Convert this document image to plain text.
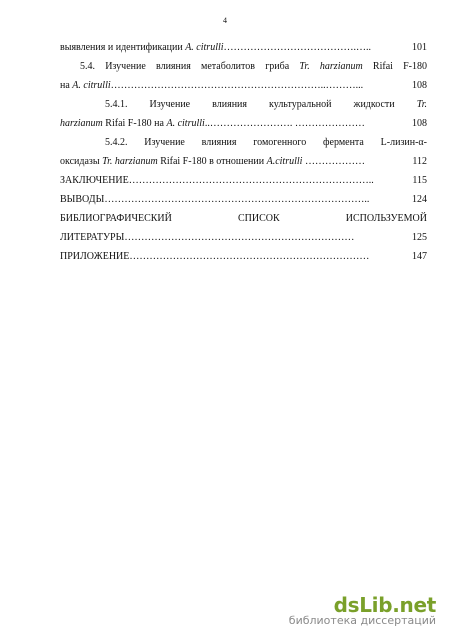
4
выявления и идентификации A. citrulli………………………………….…..	101
5.4. Изучение влияния метаболитов гриба Tr. harzianum Rifai F-180
на A. citrulli………………………………………………………..………...	108
5.4.1. Изучение влияния культуральной жидкости Tr.
harzianum Rifai F-180 на A. citrulli..……………………. …………………	108
5.4.2. Изучение влияния гомогенного фермента L-лизин-α-
оксидазы Tr. harzianum Rifai F-180 в отношении A.citrulli ………………	112
ЗАКЛЮЧЕНИЕ………………………………………………………………..	115
ВЫВОДЫ……………………………………………………………………..	124
БИБЛИОГРАФИЧЕСКИЙ СПИСОК ИСПОЛЬЗУЕМОЙ
ЛИТЕРАТУРЫ……………………………………………………………	125
ПРИЛОЖЕНИЕ………………………………………………………………	147
dsLib.net
библиотека диссертаций
